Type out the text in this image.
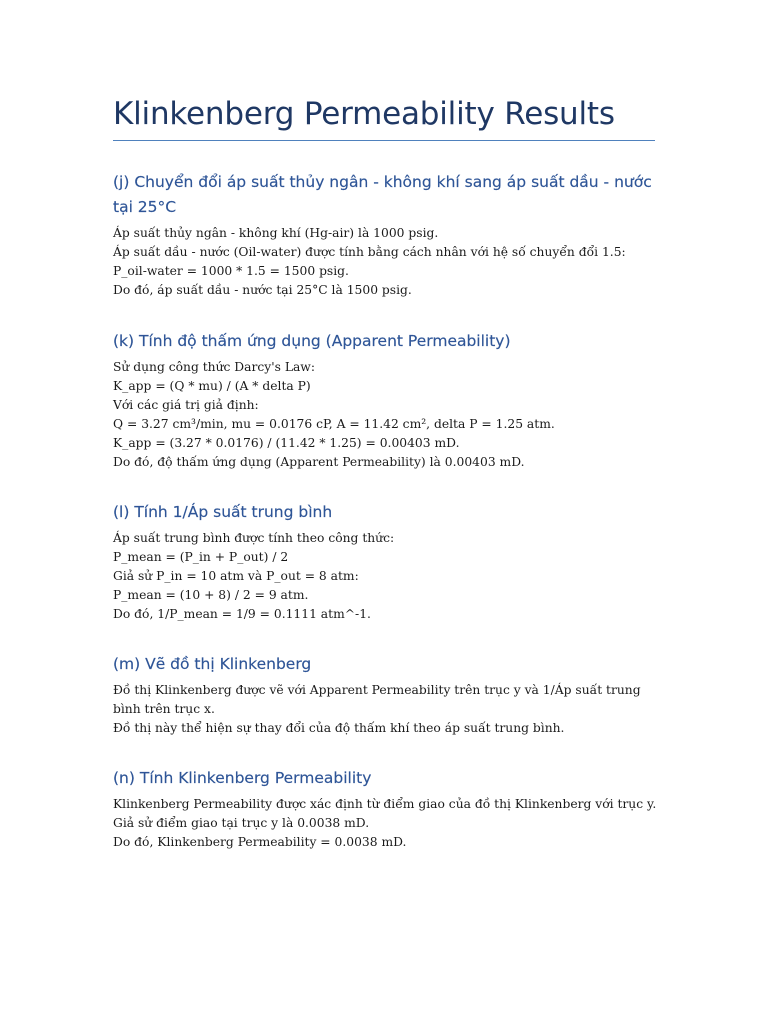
Klinkenberg Permeability Results
(j) Chuyển đổi áp suất thủy ngân - không khí sang áp suất dầu - nước tại 25°C

Áp suất thủy ngân - không khí (Hg-air) là 1000 psig.

Áp suất dầu - nước (Oil-water) được tính bằng cách nhân với hệ số chuyển đổi 1.5:

P_oil-water = 1000 * 1.5 = 1500 psig.

Do đó, áp suất dầu - nước tại 25°C là 1500 psig.

(k) Tính độ thấm ứng dụng (Apparent Permeability)

Sử dụng công thức Darcy's Law:

K_app = (Q * mu) / (A * delta P)

Với các giá trị giả định:

Q = 3.27 cm³/min, mu = 0.0176 cP, A = 11.42 cm², delta P = 1.25 atm.

K_app = (3.27 * 0.0176) / (11.42 * 1.25) = 0.00403 mD.

Do đó, độ thấm ứng dụng (Apparent Permeability) là 0.00403 mD.

(l) Tính 1/Áp suất trung bình

Áp suất trung bình được tính theo công thức:

P_mean = (P_in + P_out) / 2

Giả sử P_in = 10 atm và P_out = 8 atm:

P_mean = (10 + 8) / 2 = 9 atm.

Do đó, 1/P_mean = 1/9 = 0.1111 atm^-1.

(m) Vẽ đồ thị Klinkenberg

Đồ thị Klinkenberg được vẽ với Apparent Permeability trên trục y và 1/Áp suất trung bình trên trục x.

Đồ thị này thể hiện sự thay đổi của độ thấm khí theo áp suất trung bình.

(n) Tính Klinkenberg Permeability

Klinkenberg Permeability được xác định từ điểm giao của đồ thị Klinkenberg với trục y.

Giả sử điểm giao tại trục y là 0.0038 mD.

Do đó, Klinkenberg Permeability = 0.0038 mD.
